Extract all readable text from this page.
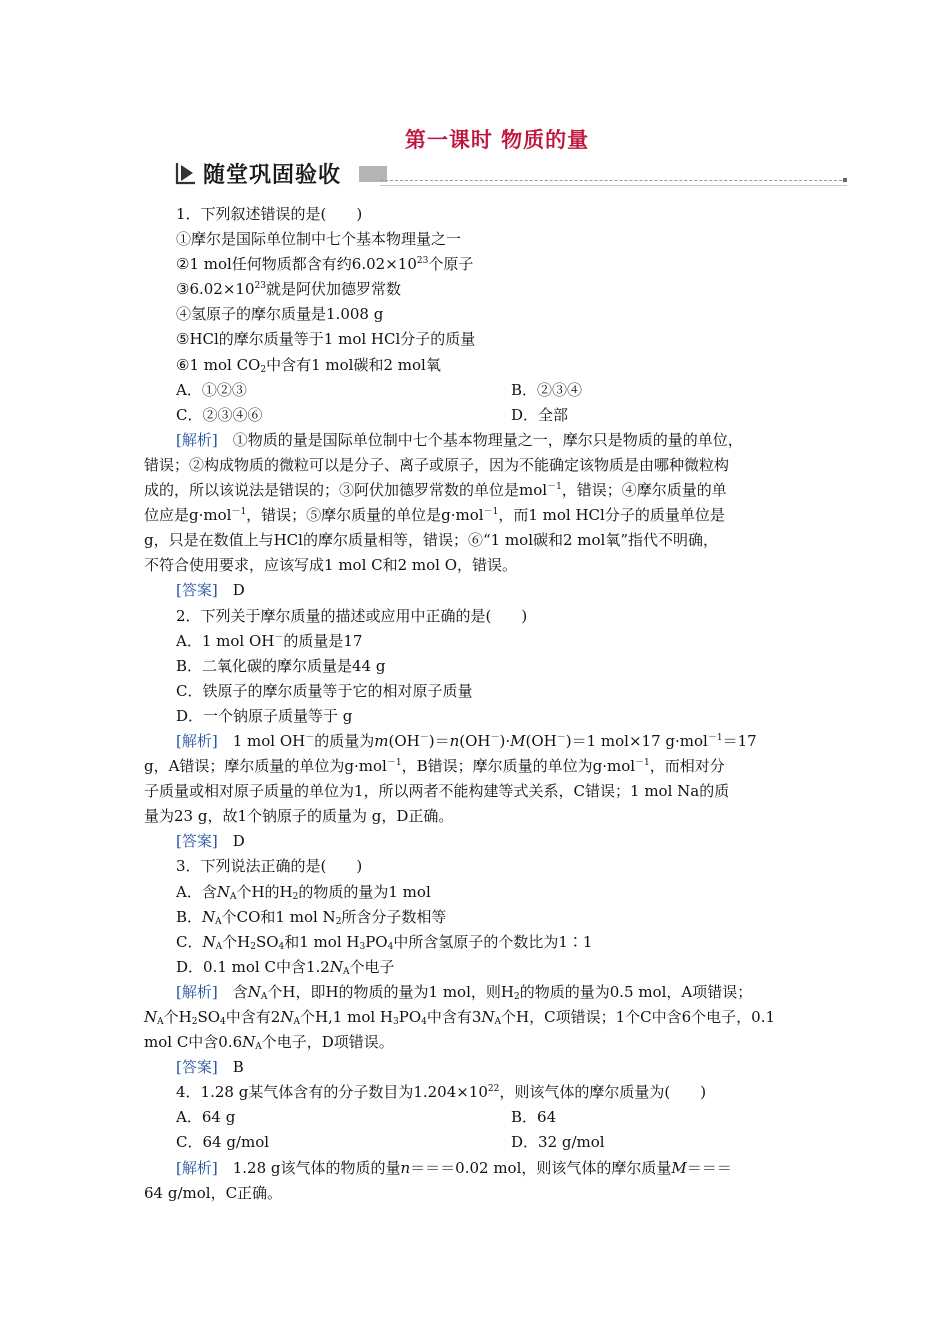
第一课时 物质的量
随堂巩固验收
1．下列叙述错误的是(　　)
①摩尔是国际单位制中七个基本物理量之一
②1 mol任何物质都含有约$6.02\times 10^{23}$个原子
$③6.02\times 10^{23}$就是阿伏加德罗常数
④氢原子的摩尔质量是1.008 g
⑤HCl的摩尔质量等于1 mol HCl分子的质量
⑥1 mol $CO_2$中含有1 mol碳和2 mol氧
A．①②③	B．②③④
C．②③④⑥	D．全部
[解析]　①物质的量是国际单位制中七个基本物理量之一，摩尔只是物质的量的单位，
错误；②构成物质的微粒可以是分子、离子或原子，因为不能确定该物质是由哪种微粒构
成的，所以该说法是错误的；③阿伏加德罗常数的单位是mol$^{-1}$，错误；④摩尔质量的单
位应是g·mol$^{-1}$，错误；⑤摩尔质量的单位是g·mol$^{-1}$，而1 mol HCl分子的质量单位是
g，只是在数值上与HCl的摩尔质量相等，错误；⑥“1 mol碳和2 mol氧”指代不明确，
不符合使用要求，应该写成1 mol C和2 mol O，错误。
[答案]　D
2．下列关于摩尔质量的描述或应用中正确的是(　　)
A．1 mol OH－的质量是17
B．二氧化碳的摩尔质量是44 g
C．铁原子的摩尔质量等于它的相对原子质量
D．一个钠原子质量等于 g
[解析]　1 mol OH－的质量为m(OH－)＝n(OH－)·M(OH－)＝1 mol×17 g·mol$^{-1}$＝17
g，A错误；摩尔质量的单位为g·mol$^{-1}$，B错误；摩尔质量的单位为g·mol$^{-1}$，而相对分
子质量或相对原子质量的单位为1，所以两者不能构建等式关系，C错误；1 mol Na的质
量为23 g，故1个钠原子的质量为 g，D正确。
[答案]　D
3．下列说法正确的是(　　)
A．含$N_A$个H的$H_2$的物质的量为1 mol
B．$N_A$个CO和1 mol $N_2$所含分子数相等
C．$N_A$个$H_2SO_4$和1 mol $H_3PO_4$中所含氢原子的个数比为1∶1
D．0.1 mol C中含$1.2N_A$个电子
[解析]　含$N_A$个H，即H的物质的量为1 mol，则$H_2$的物质的量为0.5 mol，A项错误；
$N_A$个$H_2SO_4$中含有$2N_A$个H,1 mol $H_3PO_4$中含有$3N_A$个H，C项错误；1个C中含6个电子，0.1
mol C中含$0.6N_A$个电子，D项错误。
[答案]　B
4．1.28 g某气体含有的分子数目为$1.204\times 10^{22}$，则该气体的摩尔质量为(　　)
A．64 g	B．64
C．64 g/mol	D．32 g/mol
[解析]　1.28 g该气体的物质的量n＝＝＝0.02 mol，则该气体的摩尔质量M＝＝＝
64 g/mol，C正确。
